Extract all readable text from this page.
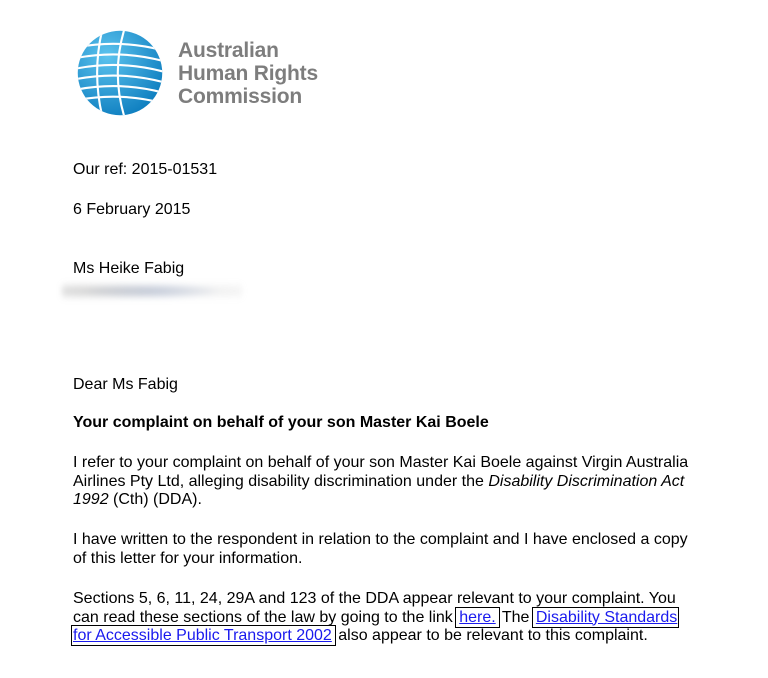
Australian
Human Rights
Commission
Our ref: 2015-01531
6 February 2015
Ms Heike Fabig
Dear Ms Fabig
Your complaint on behalf of your son Master Kai Boele
I refer to your complaint on behalf of your son Master Kai Boele against Virgin Australia Airlines Pty Ltd, alleging disability discrimination under the Disability Discrimination Act 1992 (Cth) (DDA).
I have written to the respondent in relation to the complaint and I have enclosed a copy of this letter for your information.
Sections 5, 6, 11, 24, 29A and 123 of the DDA appear relevant to your complaint. You can read these sections of the law by going to the link here. The Disability Standards for Accessible Public Transport 2002 also appear to be relevant to this complaint.
